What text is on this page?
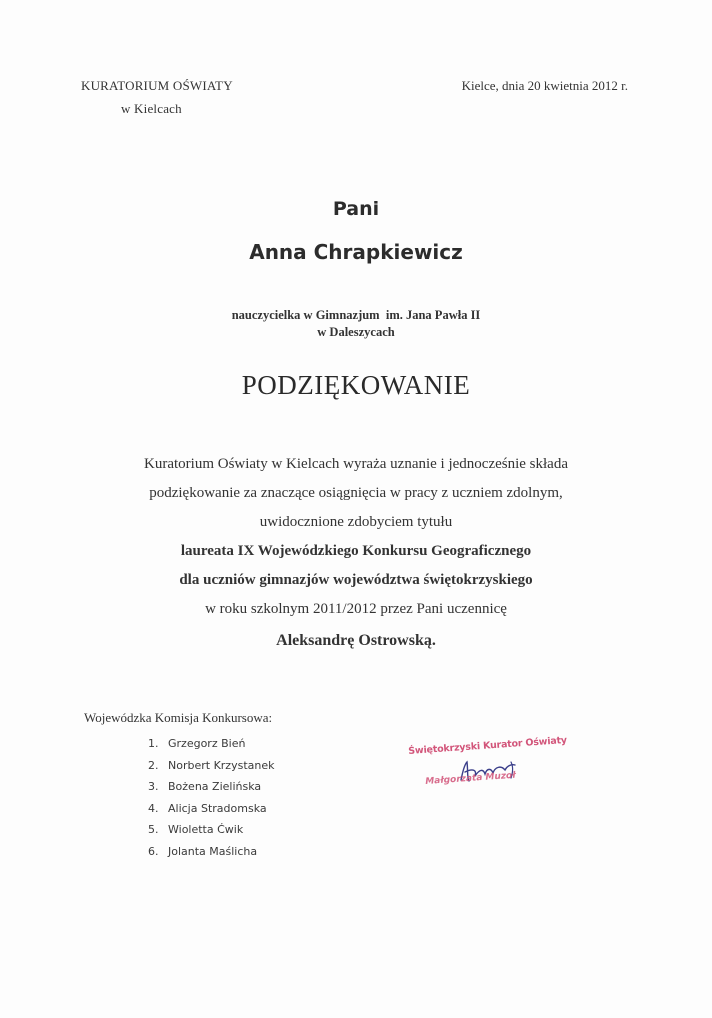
KURATORIUM OŚWIATY
w Kielcach
Kielce, dnia 20 kwietnia 2012 r.
Pani
Anna Chrapkiewicz
nauczycielka w Gimnazjum  im. Jana Pawła II
w Daleszycach
PODZIĘKOWANIE
Kuratorium Oświaty w Kielcach wyraża uznanie i jednocześnie składa
podziękowanie za znaczące osiągnięcia w pracy z uczniem zdolnym,
uwidocznione zdobyciem tytułu
laureata IX Wojewódzkiego Konkursu Geograficznego
dla uczniów gimnazjów województwa świętokrzyskiego
w roku szkolnym 2011/2012 przez Pani uczennicę
Aleksandrę Ostrowską.
Wojewódzka Komisja Konkursowa:
1. Grzegorz Bień
2. Norbert Krzystanek
3. Bożena Zielińska
4. Alicja Stradomska
5. Wioletta Ćwik
6. Jolanta Maślicha
Świętokrzyski Kurator Oświaty
Małgorzata Muzoł
